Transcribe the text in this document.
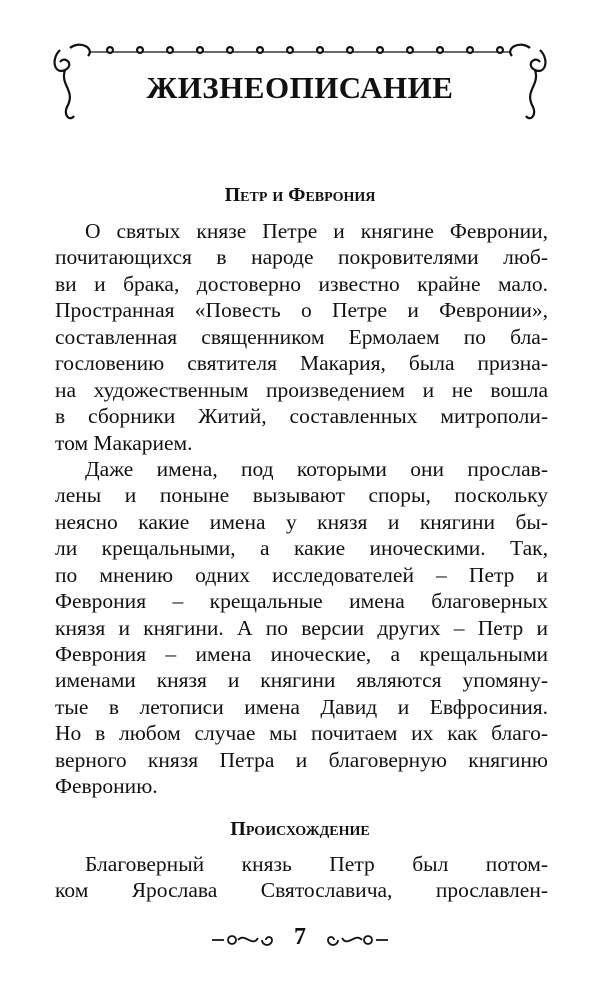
ЖИЗНЕОПИСАНИЕ
Петр и Феврония
О святых князе Петре и княгине Февронии,
почитающихся в народе покровителями люб-
ви и брака, достоверно известно крайне мало.
Пространная «Повесть о Петре и Февронии»,
составленная священником Ермолаем по бла-
гословению святителя Макария, была призна-
на художественным произведением и не вошла
в сборники Житий, составленных митрополи-
том Макарием.
Даже имена, под которыми они прослав-
лены и поныне вызывают споры, поскольку
неясно какие имена у князя и княгини бы-
ли крещальными, а какие иноческими. Так,
по мнению одних исследователей – Петр и
Феврония – крещальные имена благоверных
князя и княгини. А по версии других – Петр и
Феврония – имена иноческие, а крещальными
именами князя и княгини являются упомяну-
тые в летописи имена Давид и Евфросиния.
Но в любом случае мы почитаем их как благо-
верного князя Петра и благоверную княгиню
Февронию.
Происхождение
Благоверный князь Петр был потом-
ком Ярослава Святославича, прославлен-
7
